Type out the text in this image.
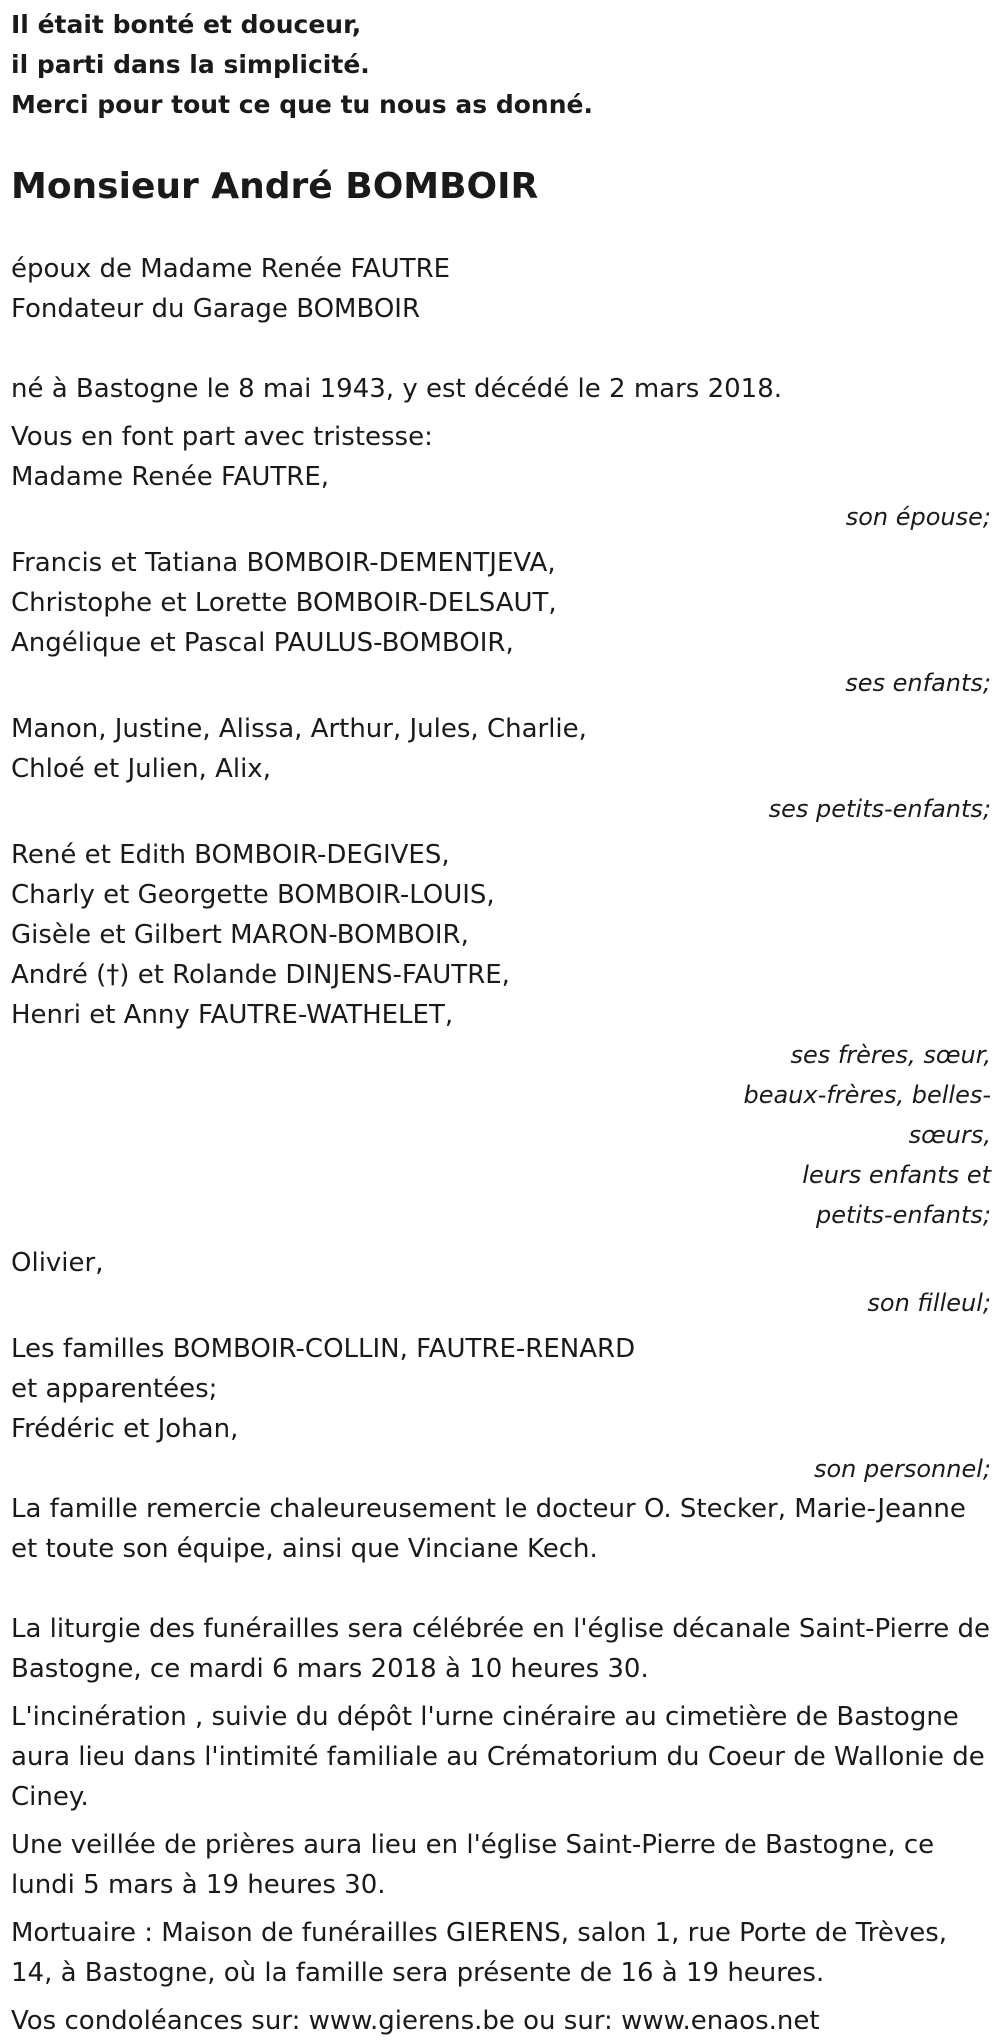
Il était bonté et douceur,

il parti dans la simplicité.

Merci pour tout ce que tu nous as donné.

Monsieur André BOMBOIR

époux de Madame Renée FAUTRE

Fondateur du Garage BOMBOIR

né à Bastogne le 8 mai 1943, y est décédé le 2 mars 2018.

Vous en font part avec tristesse:

Madame Renée FAUTRE,

son épouse;

Francis et Tatiana BOMBOIR-DEMENTJEVA,

Christophe et Lorette BOMBOIR-DELSAUT,

Angélique et Pascal PAULUS-BOMBOIR,

ses enfants;

Manon, Justine, Alissa, Arthur, Jules, Charlie,

Chloé et Julien, Alix,

ses petits-enfants;

René et Edith BOMBOIR-DEGIVES,

Charly et Georgette BOMBOIR-LOUIS,

Gisèle et Gilbert MARON-BOMBOIR,

André (†) et Rolande DINJENS-FAUTRE,

Henri et Anny FAUTRE-WATHELET,

ses frères, sœur,

beaux-frères, belles-sœurs,

leurs enfants et

petits-enfants;

Olivier,

son filleul;

Les familles BOMBOIR-COLLIN, FAUTRE-RENARD

et apparentées;

Frédéric et Johan,

son personnel;

La famille remercie chaleureusement le docteur O. Stecker, Marie-Jeanne et toute son équipe, ainsi que Vinciane Kech.

La liturgie des funérailles sera célébrée en l'église décanale Saint-Pierre de Bastogne, ce mardi 6 mars 2018 à 10 heures 30.

L'incinération , suivie du dépôt l'urne cinéraire au cimetière de Bastogne aura lieu dans l'intimité familiale au Crématorium du Coeur de Wallonie de Ciney.

Une veillée de prières aura lieu en l'église Saint-Pierre de Bastogne, ce lundi 5 mars à 19 heures 30.

Mortuaire : Maison de funérailles GIERENS, salon 1, rue Porte de Trèves, 14, à Bastogne, où la famille sera présente de 16 à 19 heures.

Vos condoléances sur: www.gierens.be ou sur: www.enaos.net
